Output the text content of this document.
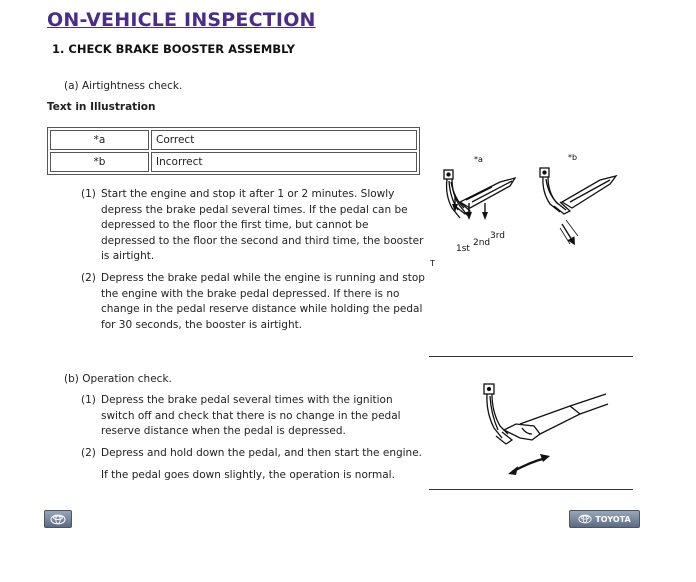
ON-VEHICLE INSPECTION
1. CHECK BRAKE BOOSTER ASSEMBLY
(a) Airtightness check.
Text in Illustration
*a	Correct
*b	Incorrect
(1) Start the engine and stop it after 1 or 2 minutes. Slowly
depress the brake pedal several times. If the pedal can be
depressed to the floor the first time, but cannot be
depressed to the floor the second and third time, the booster
is airtight.
(2) Depress the brake pedal while the engine is running and stop
the engine with the brake pedal depressed. If there is no
change in the pedal reserve distance while holding the pedal
for 30 seconds, the booster is airtight.
*a
1st
2nd
3rd
T
*b
(b) Operation check.
(1) Depress the brake pedal several times with the ignition
switch off and check that there is no change in the pedal
reserve distance when the pedal is depressed.
(2) Depress and hold down the pedal, and then start the engine.
If the pedal goes down slightly, the operation is normal.
TOYOTA
